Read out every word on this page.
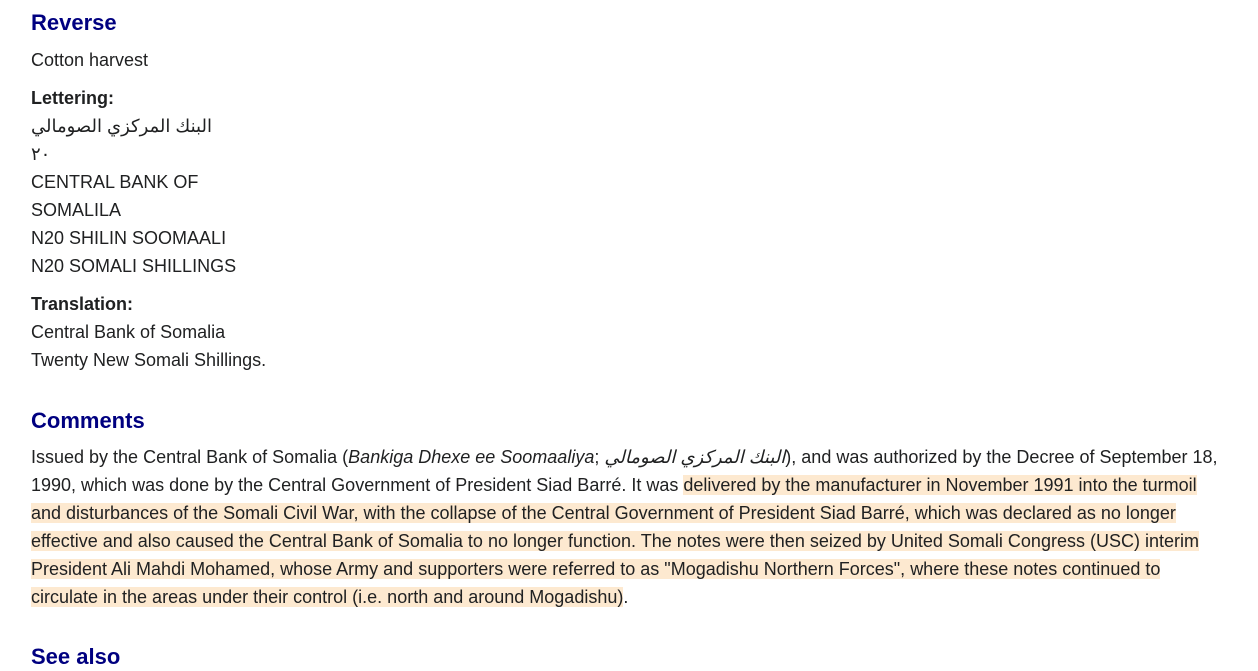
Reverse
Cotton harvest
Lettering:
البنك المركزي الصومالي
٢٠
CENTRAL BANK OF
SOMALILA
N20 SHILIN SOOMAALI
N20 SOMALI SHILLINGS
Translation:
Central Bank of Somalia
Twenty New Somali Shillings.
Comments
Issued by the Central Bank of Somalia (Bankiga Dhexe ee Soomaaliya; البنك المركزي الصومالي), and was authorized by the Decree of September 18, 1990, which was done by the Central Government of President Siad Barré. It was delivered by the manufacturer in November 1991 into the turmoil and disturbances of the Somali Civil War, with the collapse of the Central Government of President Siad Barré, which was declared as no longer effective and also caused the Central Bank of Somalia to no longer function. The notes were then seized by United Somali Congress (USC) interim President Ali Mahdi Mohamed, whose Army and supporters were referred to as "Mogadishu Northern Forces", where these notes continued to circulate in the areas under their control (i.e. north and around Mogadishu).
See also
